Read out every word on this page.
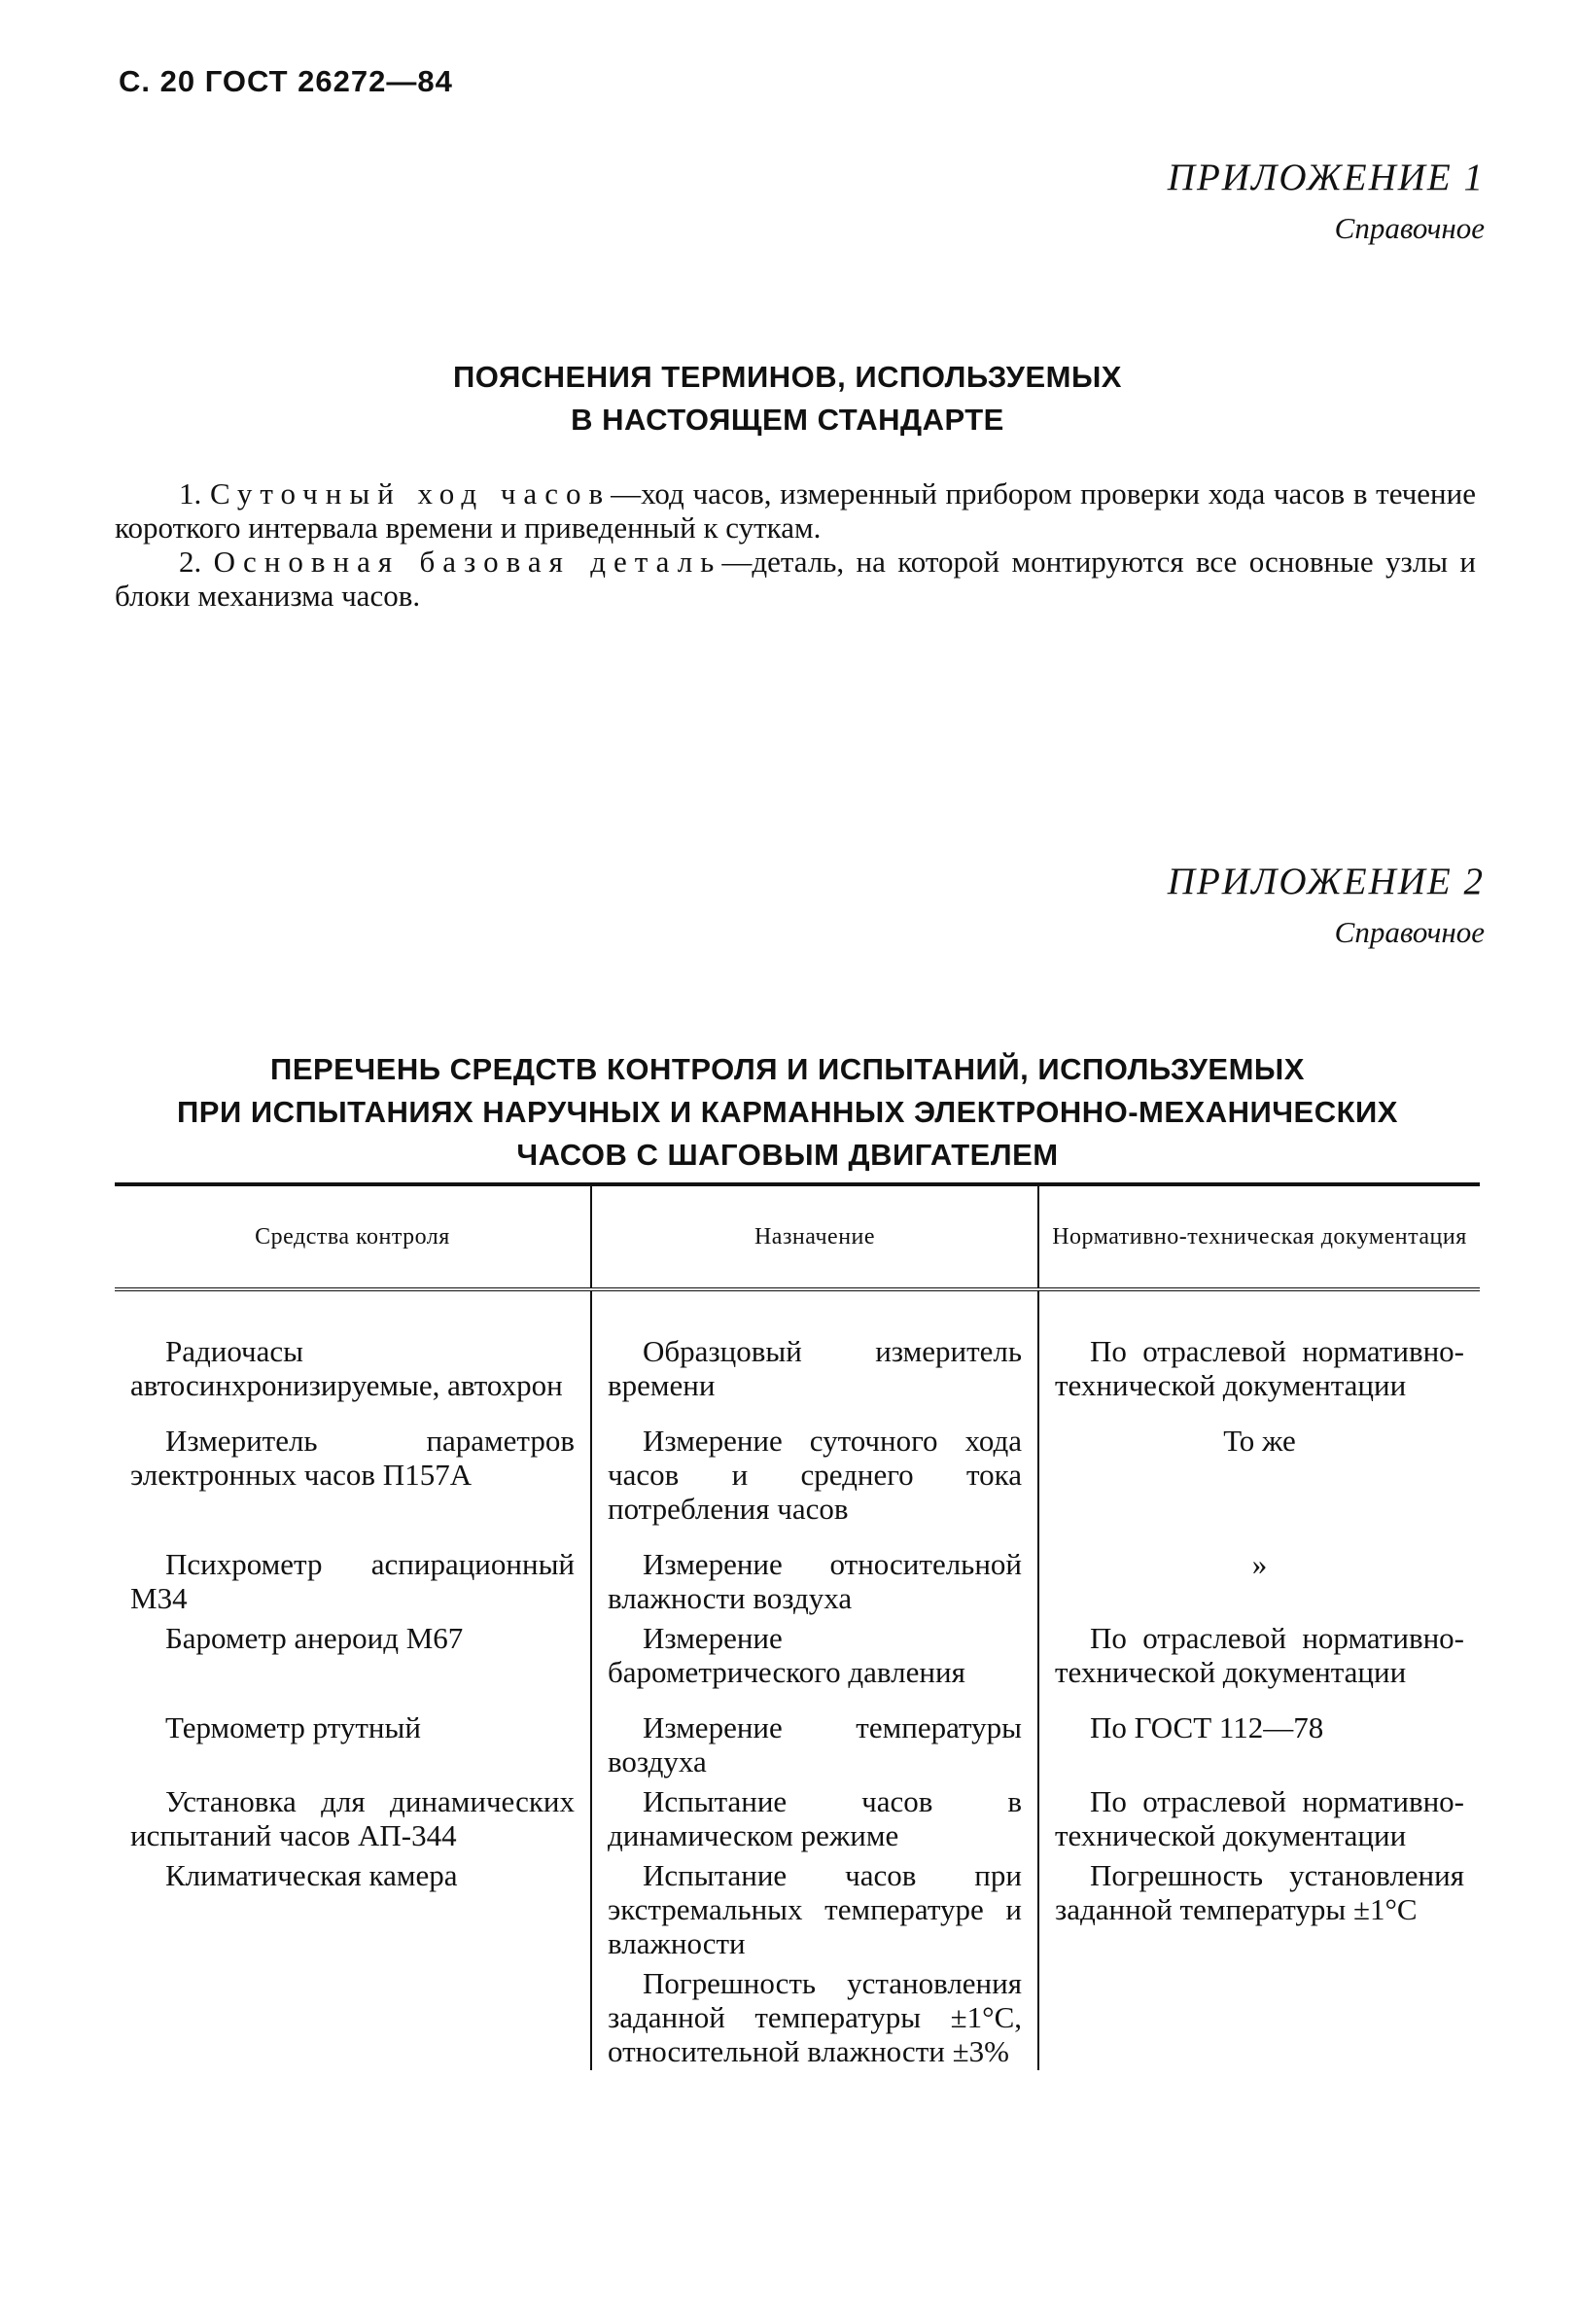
С. 20 ГОСТ 26272—84
ПРИЛОЖЕНИЕ 1
Справочное
ПОЯСНЕНИЯ ТЕРМИНОВ, ИСПОЛЬЗУЕМЫХ
В НАСТОЯЩЕМ СТАНДАРТЕ

1. Суточный ход часов—ход часов, измеренный прибором проверки хода часов в течение короткого интервала времени и приведенный к суткам.

2. Основная базовая деталь—деталь, на которой монтируются все основные узлы и блоки механизма часов.

ПРИЛОЖЕНИЕ 2
Справочное
ПЕРЕЧЕНЬ СРЕДСТВ КОНТРОЛЯ И ИСПЫТАНИЙ, ИСПОЛЬЗУЕМЫХ
ПРИ ИСПЫТАНИЯХ НАРУЧНЫХ И КАРМАННЫХ ЭЛЕКТРОННО-МЕХАНИЧЕСКИХ
ЧАСОВ С ШАГОВЫМ ДВИГАТЕЛЕМ
Средства контроля	Назначение	Нормативно-техническая документация
Радиочасы автосинхронизируемые, автохрон	Образцовый измеритель времени	По отраслевой нормативно-технической документации
Измеритель параметров электронных часов П157А	Измерение суточного хода часов и среднего тока потребления часов	То же
Психрометр аспирационный М34	Измерение относительной влажности воздуха	»
Барометр анероид М67	Измерение барометрического давления	По отраслевой нормативно-технической документации
Термометр ртутный	Измерение температуры воздуха	По ГОСТ 112—78
Установка для динамических испытаний часов АП-344	Испытание часов в динамическом режиме	По отраслевой нормативно-технической документации
Климатическая камера	Испытание часов при экстремальных температуре и влажности	Погрешность установления заданной температуры ±1°С
	Погрешность установления заданной температуры ±1°С, относительной влажности ±3%	
